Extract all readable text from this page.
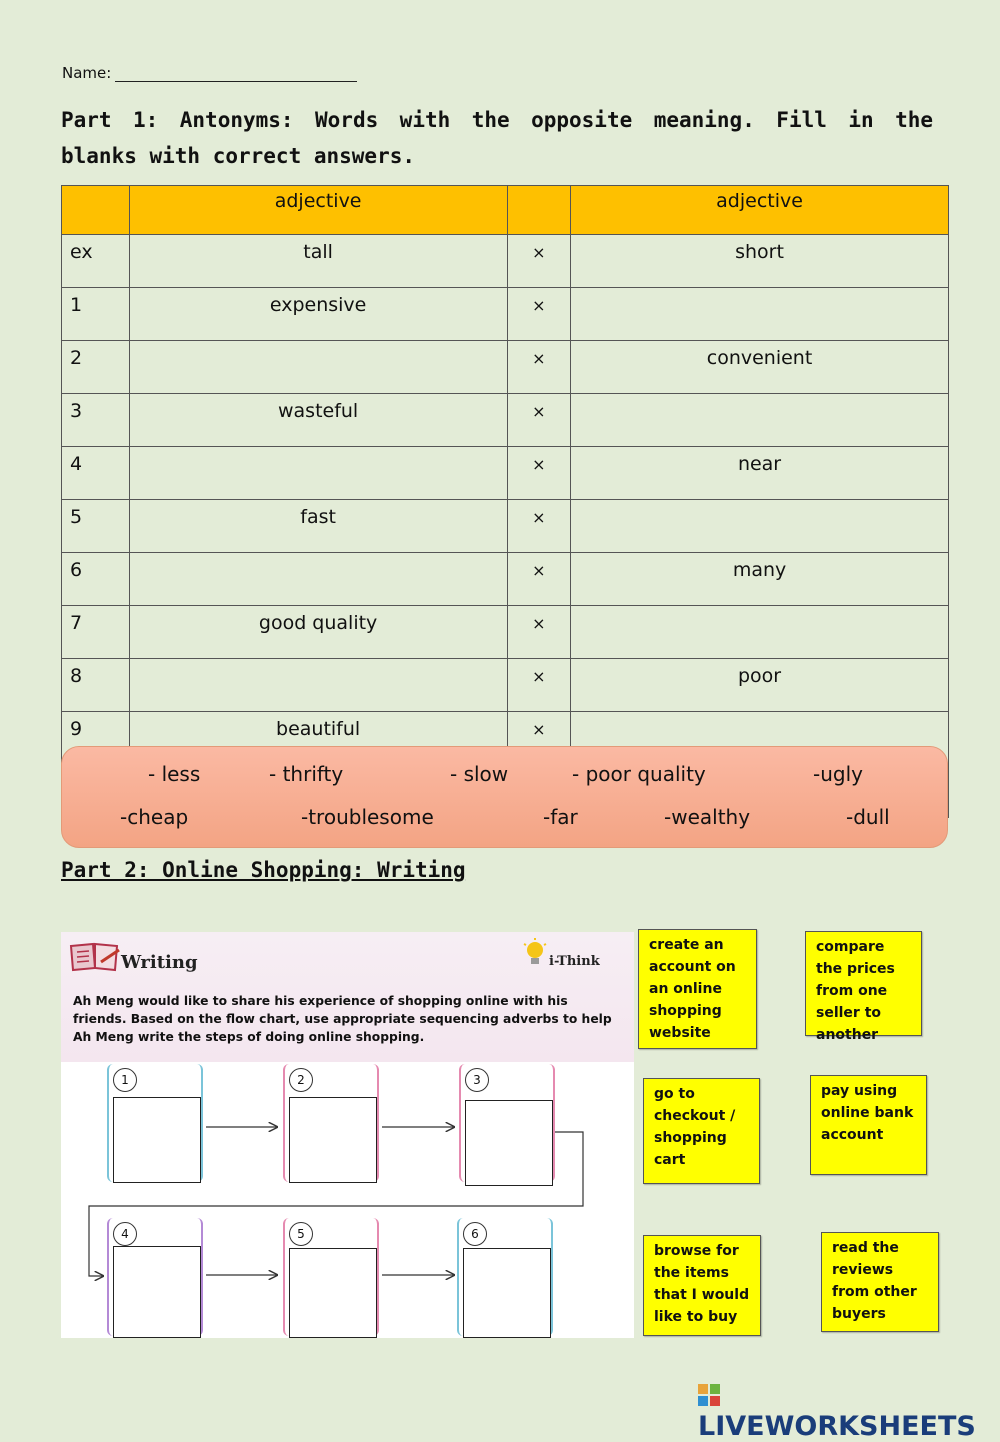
Name:
Part 1: Antonyms: Words with the opposite meaning. Fill in the blanks with correct answers.
	adjective		adjective
ex	tall	×	short
1	expensive	×	
2		×	convenient
3	wasteful	×	
4		×	near
5	fast	×	
6		×	many
7	good quality	×	
8		×	poor
9	beautiful	×	

- less	- thrifty	- slow	- poor quality	-ugly
-cheap	-troublesome	-far	-wealthy	-dull
Part 2: Online Shopping: Writing
Writing	i-Think
Ah Meng would like to share his experience of shopping online with his friends. Based on the flow chart, use appropriate sequencing adverbs to help Ah Meng write the steps of doing online shopping.
1	2	3
4	5	6
create an account on an online shopping website
compare the prices from one seller to another
go to checkout / shopping cart
pay using online bank account
browse for the items that I would like to buy
read the reviews from other buyers
LIVEWORKSHEETS
